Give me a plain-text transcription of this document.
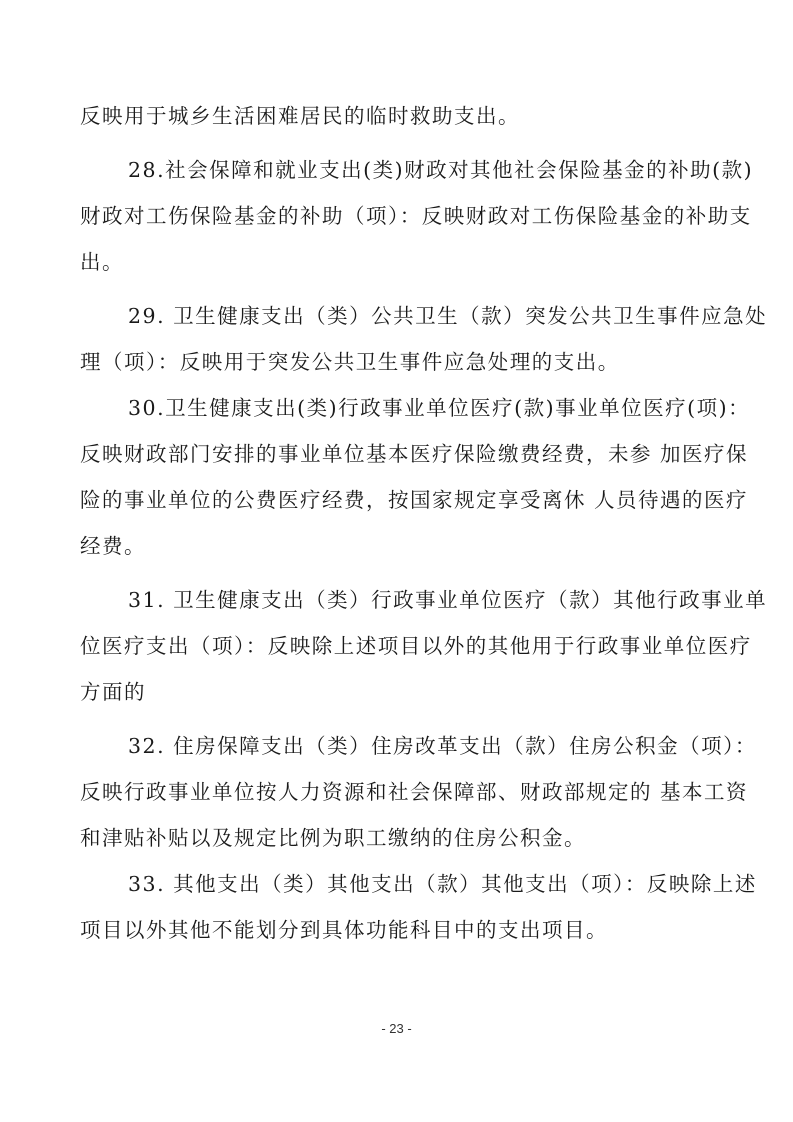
反映用于城乡生活困难居民的临时救助支出。
28.社会保障和就业支出(类)财政对其他社会保险基金的补助(款)
财政对工伤保险基金的补助（项）：反映财政对工伤保险基金的补助支
出。
29. 卫生健康支出（类）公共卫生（款）突发公共卫生事件应急处
理（项）：反映用于突发公共卫生事件应急处理的支出。
30.卫生健康支出(类)行政事业单位医疗(款)事业单位医疗(项)：
反映财政部门安排的事业单位基本医疗保险缴费经费，未参 加医疗保
险的事业单位的公费医疗经费，按国家规定享受离休 人员待遇的医疗
经费。
31. 卫生健康支出（类）行政事业单位医疗（款）其他行政事业单
位医疗支出（项）：反映除上述项目以外的其他用于行政事业单位医疗
方面的
32. 住房保障支出（类）住房改革支出（款）住房公积金（项）：
反映行政事业单位按人力资源和社会保障部、财政部规定的 基本工资
和津贴补贴以及规定比例为职工缴纳的住房公积金。
33. 其他支出（类）其他支出（款）其他支出（项）：反映除上述
项目以外其他不能划分到具体功能科目中的支出项目。
- 23 -
